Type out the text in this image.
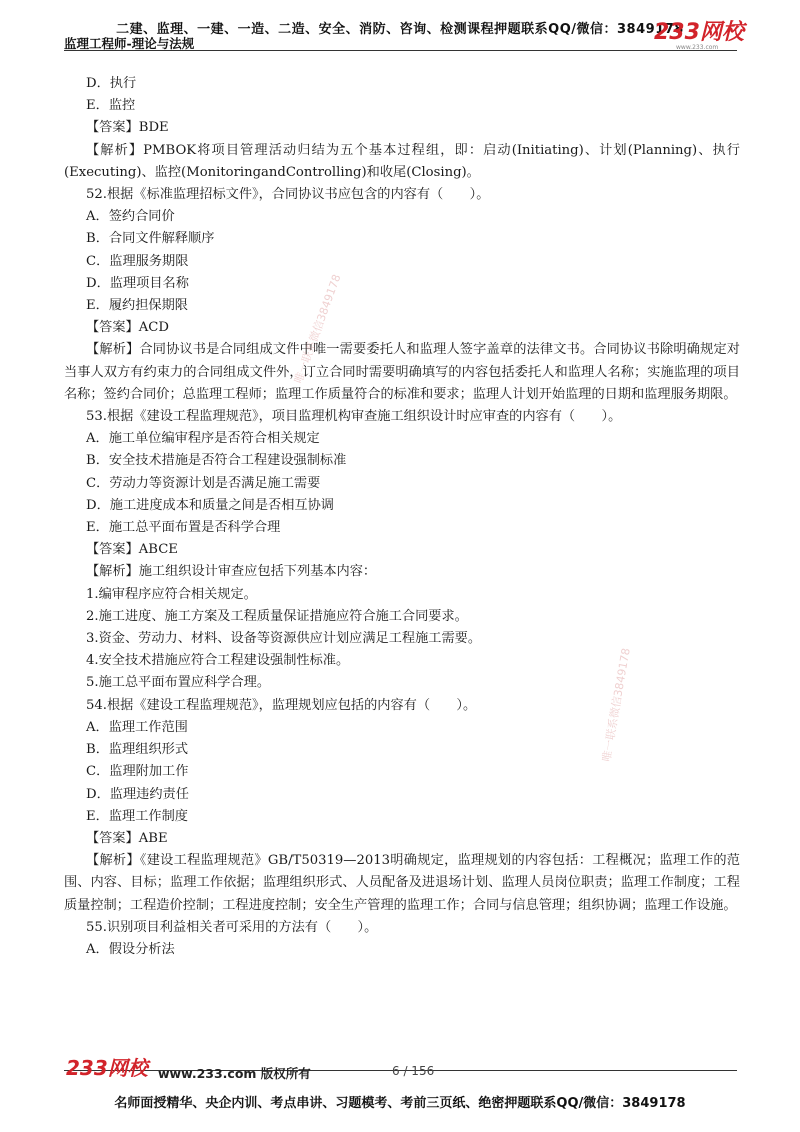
二建、监理、一建、一造、二造、安全、消防、咨询、检测课程押题联系QQ/微信：3849178
监理工程师-理论与法规	233网校
www.233.com
D．执行
E．监控
【答案】BDE
【解析】PMBOK将项目管理活动归结为五个基本过程组，即：启动(Initiating)、计划(Planning)、执行(Executing)、监控(MonitoringandControlling)和收尾(Closing)。
52.根据《标准监理招标文件》，合同协议书应包含的内容有（　　）。
A．签约合同价
B．合同文件解释顺序
C．监理服务期限
D．监理项目名称
E．履约担保期限
【答案】ACD
【解析】合同协议书是合同组成文件中唯一需要委托人和监理人签字盖章的法律文书。合同协议书除明确规定对当事人双方有约束力的合同组成文件外，订立合同时需要明确填写的内容包括委托人和监理人名称；实施监理的项目名称；签约合同价；总监理工程师；监理工作质量符合的标准和要求；监理人计划开始监理的日期和监理服务期限。
53.根据《建设工程监理规范》，项目监理机构审查施工组织设计时应审查的内容有（　　）。
A．施工单位编审程序是否符合相关规定
B．安全技术措施是否符合工程建设强制标准
C．劳动力等资源计划是否满足施工需要
D．施工进度成本和质量之间是否相互协调
E．施工总平面布置是否科学合理
【答案】ABCE
【解析】施工组织设计审查应包括下列基本内容：
1.编审程序应符合相关规定。
2.施工进度、施工方案及工程质量保证措施应符合施工合同要求。
3.资金、劳动力、材料、设备等资源供应计划应满足工程施工需要。
4.安全技术措施应符合工程建设强制性标准。
5.施工总平面布置应科学合理。
54.根据《建设工程监理规范》，监理规划应包括的内容有（　　）。
A．监理工作范围
B．监理组织形式
C．监理附加工作
D．监理违约责任
E．监理工作制度
【答案】ABE
【解析】《建设工程监理规范》GB/T50319—2013明确规定，监理规划的内容包括：工程概况；监理工作的范围、内容、目标；监理工作依据；监理组织形式、人员配备及进退场计划、监理人员岗位职责；监理工作制度；工程质量控制；工程造价控制；工程进度控制；安全生产管理的监理工作；合同与信息管理；组织协调；监理工作设施。
55.识别项目利益相关者可采用的方法有（　　）。
A．假设分析法
唯一联系微信3849178
唯一联系微信3849178
233网校 www.233.com 版权所有	6 / 156
名师面授精华、央企内训、考点串讲、习题模考、考前三页纸、绝密押题联系QQ/微信：3849178
